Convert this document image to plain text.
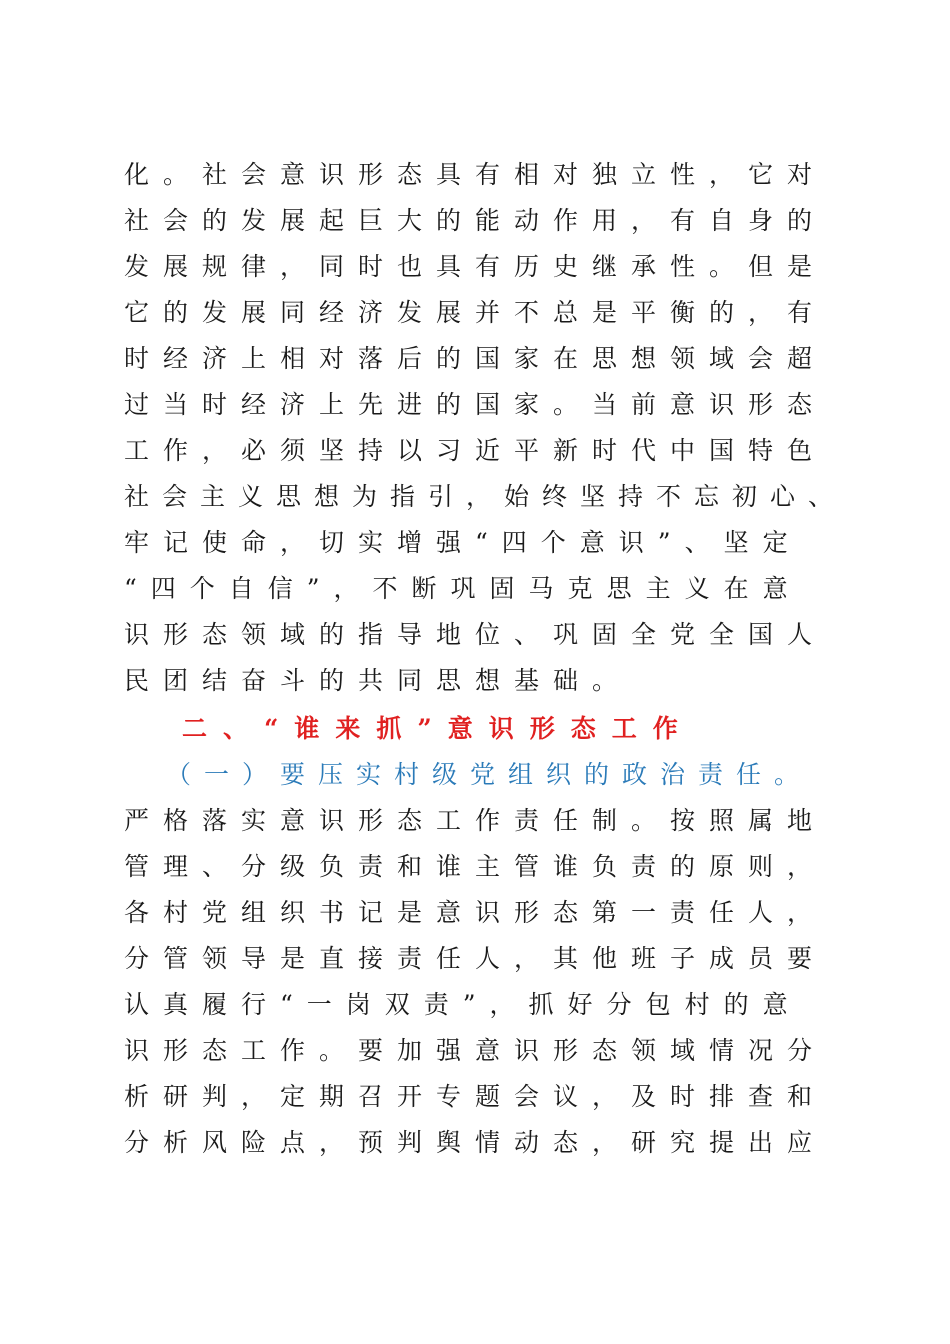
化。社会意识形态具有相对独立性，它对
社会的发展起巨大的能动作用，有自身的
发展规律，同时也具有历史继承性。但是
它的发展同经济发展并不总是平衡的，有
时经济上相对落后的国家在思想领域会超
过当时经济上先进的国家。当前意识形态
工作，必须坚持以习近平新时代中国特色
社会主义思想为指引，始终坚持不忘初心、
牢记使命，切实增强“四个意识”、坚定
“四个自信”，不断巩固马克思主义在意
识形态领域的指导地位、巩固全党全国人
民团结奋斗的共同思想基础。
二、“谁来抓”意识形态工作
（一）要压实村级党组织的政治责任。
严格落实意识形态工作责任制。按照属地
管理、分级负责和谁主管谁负责的原则，
各村党组织书记是意识形态第一责任人，
分管领导是直接责任人，其他班子成员要
认真履行“一岗双责”，抓好分包村的意
识形态工作。要加强意识形态领域情况分
析研判，定期召开专题会议，及时排查和
分析风险点，预判舆情动态，研究提出应
